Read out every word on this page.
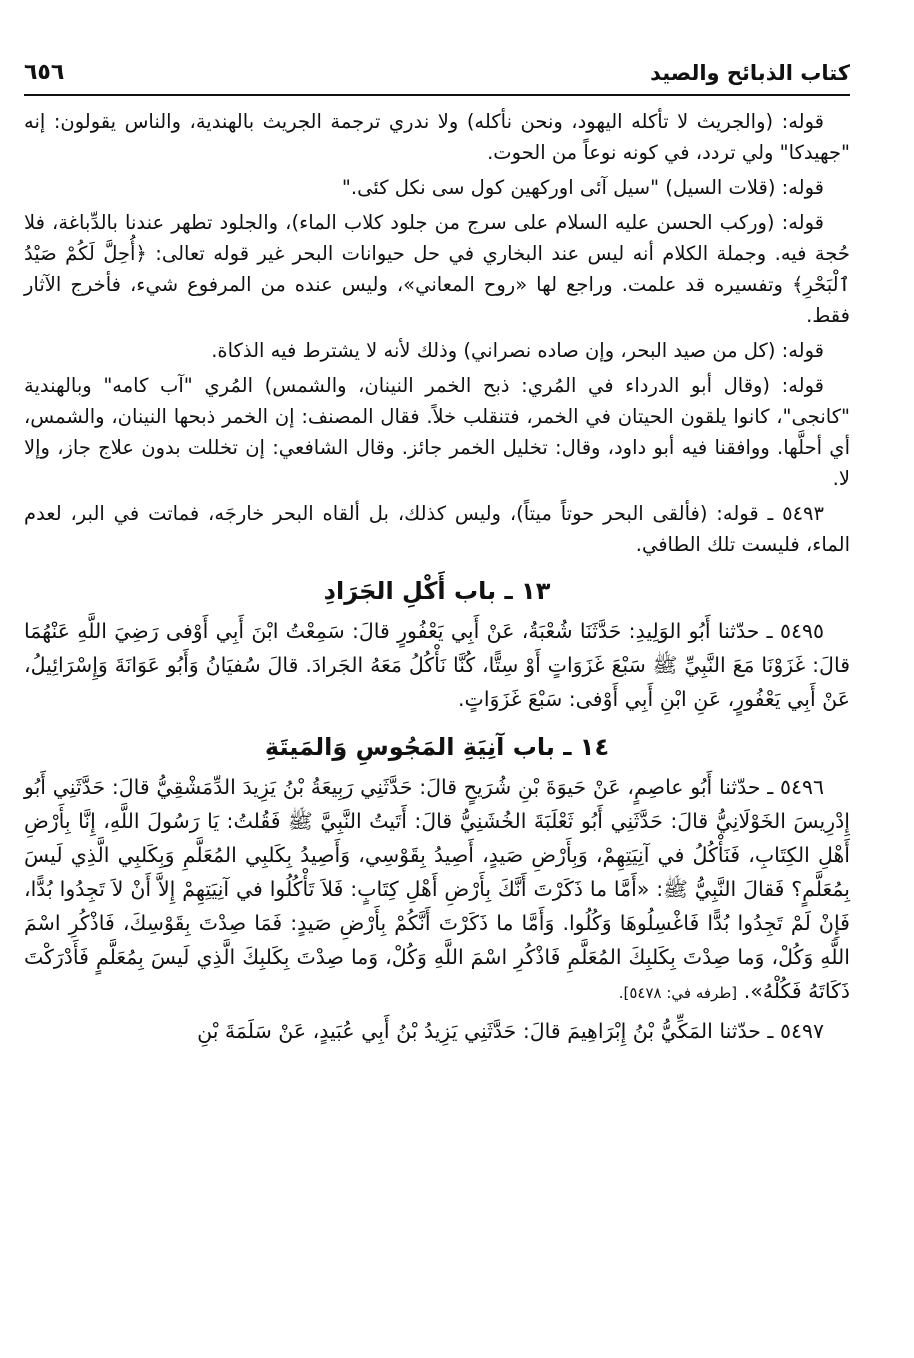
كتاب الذبائح والصيد
٦٥٦

قوله: (والجريث لا تأكله اليهود، ونحن نأكله) ولا ندري ترجمة الجريث بالهندية، والناس يقولون: إنه "جهيدكا" ولي تردد، في كونه نوعاً من الحوت.

قوله: (قلات السيل) "سيل آئى اوركهين كول سى نكل كئى."

قوله: (وركب الحسن عليه السلام على سرج من جلود كلاب الماء)، والجلود تطهر عندنا بالدِّباغة، فلا حُجة فيه. وجملة الكلام أنه ليس عند البخاري في حل حيوانات البحر غير قوله تعالى: ﴿أُحِلَّ لَكُمْ صَيْدُ ٱلْبَحْرِ﴾ وتفسيره قد علمت. وراجع لها «روح المعاني»، وليس عنده من المرفوع شيء، فأخرج الآثار فقط.

قوله: (كل من صيد البحر، وإن صاده نصراني) وذلك لأنه لا يشترط فيه الذكاة.

قوله: (وقال أبو الدرداء في المُري: ذبح الخمر النينان، والشمس) المُري "آب كامه" وبالهندية "كانجى"، كانوا يلقون الحيتان في الخمر، فتنقلب خلاً. فقال المصنف: إن الخمر ذبحها النينان، والشمس، أي أحلَّها. ووافقنا فيه أبو داود، وقال: تخليل الخمر جائز. وقال الشافعي: إن تخللت بدون علاج جاز، وإلا لا.

٥٤٩٣ ـ قوله: (فألقى البحر حوتاً ميتاً)، وليس كذلك، بل ألقاه البحر خارجَه، فماتت في البر، لعدم الماء، فليست تلك الطافي.

١٣ ـ باب أَكْلِ الجَرَادِ

٥٤٩٥ ـ حدّثنا أَبُو الوَلِيدِ: حَدَّثَنَا شُعْبَةُ، عَنْ أَبِي يَعْفُورٍ قالَ: سَمِعْتُ ابْنَ أَبِي أَوْفى رَضِيَ اللَّهِ عَنْهُمَا قالَ: غَزَوْنَا مَعَ النَّبِيِّ ﷺ سَبْعَ غَزَوَاتٍ أَوْ سِتًّا، كُنَّا نَأْكُلُ مَعَهُ الجَرادَ. قالَ سُفيَانُ وَأَبُو عَوَانَةَ وَإِسْرَائِيلُ، عَنْ أَبِي يَعْفُورٍ، عَنِ ابْنِ أَبِي أَوْفى: سَبْعَ غَزَوَاتٍ.

١٤ ـ باب آنِيَةِ المَجُوسِ وَالمَيتَةِ

٥٤٩٦ ـ حدّثنا أَبُو عاصِمٍ، عَنْ حَيوَةَ بْنِ شُرَيحٍ قالَ: حَدَّثَنِي رَبِيعَةُ بْنُ يَزِيدَ الدِّمَشْقِيُّ قالَ: حَدَّثَنِي أَبُو إِدْرِيسَ الخَوْلَانِيُّ قالَ: حَدَّثَنِي أَبُو ثَعْلَبَةَ الخُشَنِيُّ قالَ: أَتَيتُ النَّبِيَّ ﷺ فَقُلتُ: يَا رَسُولَ اللَّهِ، إِنَّا بِأَرْضِ أَهْلِ الكِتَابِ، فَنَأْكُلُ في آنِيَتِهِمْ، وَبِأَرْضِ صَيدٍ، أَصِيدُ بِقَوْسِي، وَأَصِيدُ بِكَلبِي المُعَلَّمِ وَبِكَلبِي الَّذِي لَيسَ بِمُعَلَّمٍ؟ فَقالَ النَّبِيُّ ﷺ: «أَمَّا ما ذَكَرْتَ أَنَّكَ بِأَرْضِ أَهْلِ كِتَابٍ: فَلاَ تَأْكُلُوا في آنِيَتِهِمْ إِلاَّ أَنْ لاَ تَجِدُوا بُدًّا، فَإِنْ لَمْ تَجِدُوا بُدًّا فَاغْسِلُوهَا وَكُلُوا. وَأَمَّا ما ذَكَرْتَ أَنَّكُمْ بِأَرْضِ صَيدٍ: فَمَا صِدْتَ بِقَوْسِكَ، فَاذْكُرِ اسْمَ اللَّهِ وَكُلْ، وَما صِدْتَ بِكَلبِكَ المُعَلَّمِ فَاذْكُرِ اسْمَ اللَّهِ وَكُلْ، وَما صِدْتَ بِكَلبِكَ الَّذِي لَيسَ بِمُعَلَّمٍ فَأَدْرَكْتَ ذَكَاتَهُ فَكُلْهُ». [طرفه في: ٥٤٧٨].

٥٤٩٧ ـ حدّثنا المَكِّيُّ بْنُ إِبْرَاهِيمَ قالَ: حَدَّثَنِي يَزِيدُ بْنُ أَبِي عُبَيدٍ، عَنْ سَلَمَةَ بْنِ
